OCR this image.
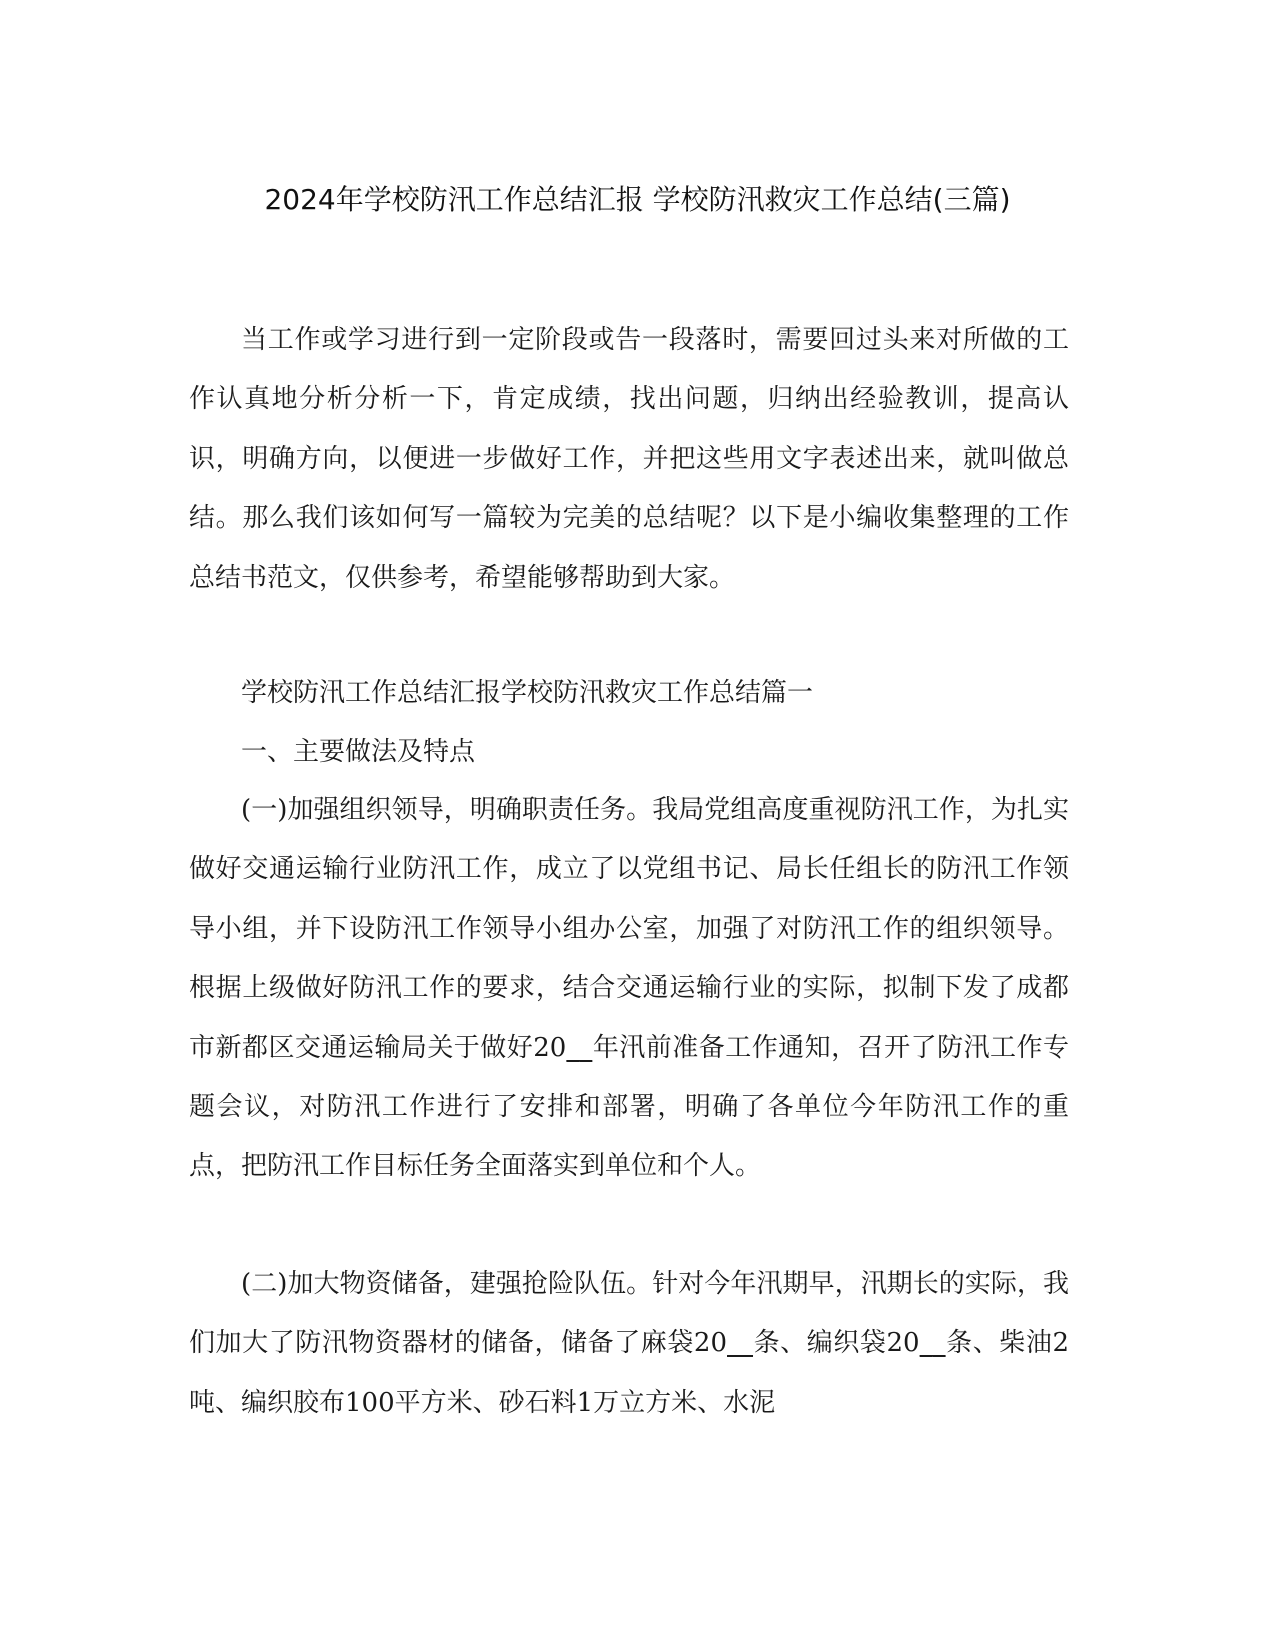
2024年学校防汛工作总结汇报 学校防汛救灾工作总结(三篇)

当工作或学习进行到一定阶段或告一段落时，需要回过头来对所做的工作认真地分析分析一下，肯定成绩，找出问题，归纳出经验教训，提高认识，明确方向，以便进一步做好工作，并把这些用文字表述出来，就叫做总结。那么我们该如何写一篇较为完美的总结呢？以下是小编收集整理的工作总结书范文，仅供参考，希望能够帮助到大家。

学校防汛工作总结汇报学校防汛救灾工作总结篇一

一、主要做法及特点

(一)加强组织领导，明确职责任务。我局党组高度重视防汛工作，为扎实做好交通运输行业防汛工作，成立了以党组书记、局长任组长的防汛工作领导小组，并下设防汛工作领导小组办公室，加强了对防汛工作的组织领导。根据上级做好防汛工作的要求，结合交通运输行业的实际，拟制下发了成都市新都区交通运输局关于做好20__年汛前准备工作通知，召开了防汛工作专题会议，对防汛工作进行了安排和部署，明确了各单位今年防汛工作的重点，把防汛工作目标任务全面落实到单位和个人。

(二)加大物资储备，建强抢险队伍。针对今年汛期早，汛期长的实际，我们加大了防汛物资器材的储备，储备了麻袋20__条、编织袋20__条、柴油2吨、编织胶布100平方米、砂石料1万立方米、水泥
